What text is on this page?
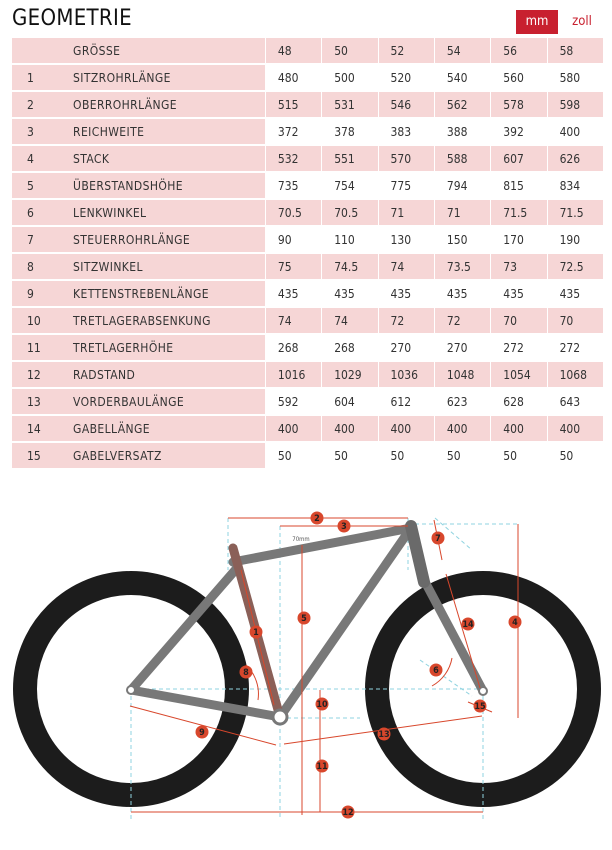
GEOMETRIE	mm	zoll
	GRÖSSE	48	50	52	54	56	58
1	SITZROHRLÄNGE	480	500	520	540	560	580
2	OBERROHRLÄNGE	515	531	546	562	578	598
3	REICHWEITE	372	378	383	388	392	400
4	STACK	532	551	570	588	607	626
5	ÜBERSTANDSHÖHE	735	754	775	794	815	834
6	LENKWINKEL	70.5	70.5	71	71	71.5	71.5
7	STEUERROHRLÄNGE	90	110	130	150	170	190
8	SITZWINKEL	75	74.5	74	73.5	73	72.5
9	KETTENSTREBENLÄNGE	435	435	435	435	435	435
10	TRETLAGERABSENKUNG	74	74	72	72	70	70
11	TRETLAGERHÖHE	268	268	270	270	272	272
12	RADSTAND	1016	1029	1036	1048	1054	1068
13	VORDERBAULÄNGE	592	604	612	623	628	643
14	GABELLÄNGE	400	400	400	400	400	400
15	GABELVERSATZ	50	50	50	50	50	50
70mm
1
2
3
4
5
6
7
8
9
10
11
12
13
14
15
